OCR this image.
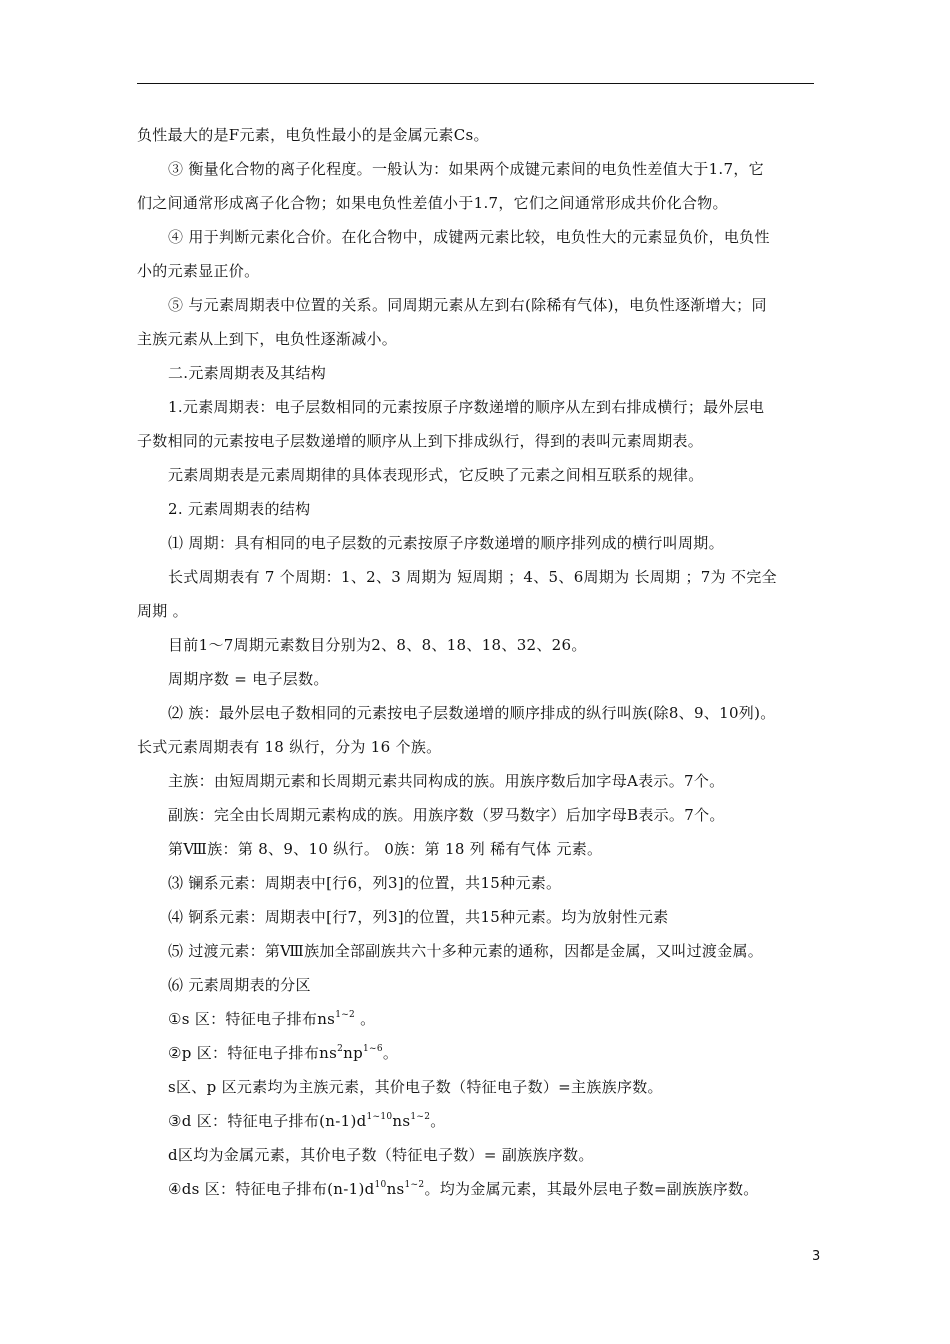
负性最大的是F元素，电负性最小的是金属元素Cs。

③ 衡量化合物的离子化程度。一般认为：如果两个成键元素间的电负性差值大于1.7，它

们之间通常形成离子化合物；如果电负性差值小于1.7，它们之间通常形成共价化合物。

④ 用于判断元素化合价。在化合物中，成键两元素比较，电负性大的元素显负价，电负性

小的元素显正价。

⑤ 与元素周期表中位置的关系。同周期元素从左到右(除稀有气体)，电负性逐渐增大；同

主族元素从上到下，电负性逐渐减小。

二.元素周期表及其结构

1.元素周期表：电子层数相同的元素按原子序数递增的顺序从左到右排成横行；最外层电

子数相同的元素按电子层数递增的顺序从上到下排成纵行，得到的表叫元素周期表。

元素周期表是元素周期律的具体表现形式，它反映了元素之间相互联系的规律。

2. 元素周期表的结构

⑴ 周期：具有相同的电子层数的元素按原子序数递增的顺序排列成的横行叫周期。

长式周期表有 7 个周期：1、2、3 周期为 短周期 ；4、5、6周期为 长周期 ；7为 不完全

周期 。

目前1～7周期元素数目分别为2、8、8、18、18、32、26。

周期序数 = 电子层数。

⑵ 族：最外层电子数相同的元素按电子层数递增的顺序排成的纵行叫族(除8、9、10列)。

长式元素周期表有 18 纵行，分为 16 个族。

主族：由短周期元素和长周期元素共同构成的族。用族序数后加字母A表示。7个。

副族：完全由长周期元素构成的族。用族序数（罗马数字）后加字母B表示。7个。

第Ⅷ族：第 8、9、10 纵行。 0族：第 18 列 稀有气体 元素。

⑶ 镧系元素：周期表中[行6，列3]的位置，共15种元素。

⑷ 锕系元素：周期表中[行7，列3]的位置，共15种元素。均为放射性元素

⑸ 过渡元素：第Ⅷ族加全部副族共六十多种元素的通称，因都是金属，又叫过渡金属。

⑹ 元素周期表的分区

①s 区：特征电子排布$ns^{1\sim 2}$ 。

②p 区：特征电子排布$ns^2np^{1\sim 6}$。

s区、p 区元素均为主族元素，其价电子数（特征电子数）=主族族序数。

③d 区：特征电子排布$(n-1)d^{1\sim 10}ns^{1\sim 2}$。

d区均为金属元素，其价电子数（特征电子数）= 副族族序数。

④ds 区：特征电子排布$(n-1)d^{10}ns^{1\sim 2}$。均为金属元素，其最外层电子数=副族族序数。

3
